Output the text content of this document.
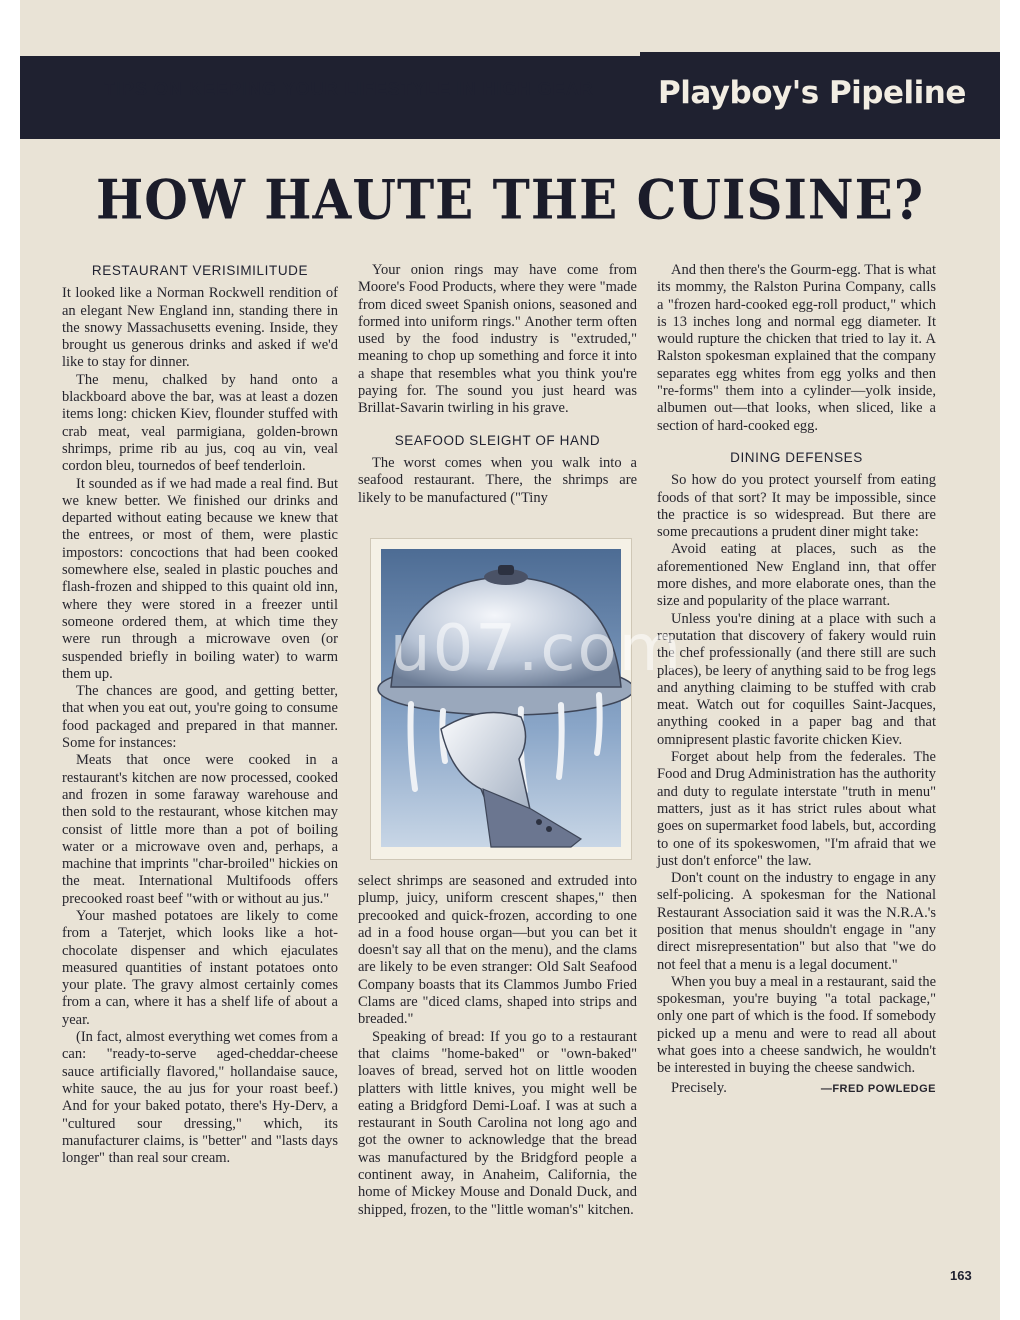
TIPS ON KEEPING YOUR LIFESTYLE IN HIGH GEAR Playboy's Pipeline
HOW HAUTE THE CUISINE?
RESTAURANT VERISIMILITUDE

It looked like a Norman Rockwell rendition of an elegant New England inn, standing there in the snowy Massachusetts evening. Inside, they brought us generous drinks and asked if we'd like to stay for dinner.

The menu, chalked by hand onto a blackboard above the bar, was at least a dozen items long: chicken Kiev, flounder stuffed with crab meat, veal parmigiana, golden-brown shrimps, prime rib au jus, coq au vin, veal cordon bleu, tournedos of beef tenderloin.

It sounded as if we had made a real find. But we knew better. We finished our drinks and departed without eating because we knew that the entrees, or most of them, were plastic impostors: concoctions that had been cooked somewhere else, sealed in plastic pouches and flash-frozen and shipped to this quaint old inn, where they were stored in a freezer until someone ordered them, at which time they were run through a microwave oven (or suspended briefly in boiling water) to warm them up.

The chances are good, and getting better, that when you eat out, you're going to consume food packaged and prepared in that manner. Some for instances:

Meats that once were cooked in a restaurant's kitchen are now processed, cooked and frozen in some faraway warehouse and then sold to the restaurant, whose kitchen may consist of little more than a pot of boiling water or a microwave oven and, perhaps, a machine that imprints "char-broiled" hickies on the meat. International Multifoods offers precooked roast beef "with or without au jus."

Your mashed potatoes are likely to come from a Taterjet, which looks like a hot-chocolate dispenser and which ejaculates measured quantities of instant potatoes onto your plate. The gravy almost certainly comes from a can, where it has a shelf life of about a year.

(In fact, almost everything wet comes from a can: "ready-to-serve aged-cheddar-cheese sauce artificially flavored," hollandaise sauce, white sauce, the au jus for your roast beef.) And for your baked potato, there's Hy-Derv, a "cultured sour dressing," which, its manufacturer claims, is "better" and "lasts days longer" than real sour cream.

Your onion rings may have come from Moore's Food Products, where they were "made from diced sweet Spanish onions, seasoned and formed into uniform rings." Another term often used by the food industry is "extruded," meaning to chop up something and force it into a shape that resembles what you think you're paying for. The sound you just heard was Brillat-Savarin twirling in his grave.

SEAFOOD SLEIGHT OF HAND

The worst comes when you walk into a seafood restaurant. There, the shrimps are likely to be manufactured ("Tiny

select shrimps are seasoned and extruded into plump, juicy, uniform crescent shapes," then precooked and quick-frozen, according to one ad in a food house organ—but you can bet it doesn't say all that on the menu), and the clams are likely to be even stranger: Old Salt Seafood Company boasts that its Clammos Jumbo Fried Clams are "diced clams, shaped into strips and breaded."

Speaking of bread: If you go to a restaurant that claims "home-baked" or "own-baked" loaves of bread, served hot on little wooden platters with little knives, you might well be eating a Bridgford Demi-Loaf. I was at such a restaurant in South Carolina not long ago and got the owner to acknowledge that the bread was manufactured by the Bridgford people a continent away, in Anaheim, California, the home of Mickey Mouse and Donald Duck, and shipped, frozen, to the "little woman's" kitchen.

And then there's the Gourm-egg. That is what its mommy, the Ralston Purina Company, calls a "frozen hard-cooked egg-roll product," which is 13 inches long and normal egg diameter. It would rupture the chicken that tried to lay it. A Ralston spokesman explained that the company separates egg whites from egg yolks and then "re-forms" them into a cylinder—yolk inside, albumen out—that looks, when sliced, like a section of hard-cooked egg.

DINING DEFENSES

So how do you protect yourself from eating foods of that sort? It may be impossible, since the practice is so widespread. But there are some precautions a prudent diner might take:

Avoid eating at places, such as the aforementioned New England inn, that offer more dishes, and more elaborate ones, than the size and popularity of the place warrant.

Unless you're dining at a place with such a reputation that discovery of fakery would ruin the chef professionally (and there still are such places), be leery of anything said to be frog legs and anything claiming to be stuffed with crab meat. Watch out for coquilles Saint-Jacques, anything cooked in a paper bag and that omnipresent plastic favorite chicken Kiev.

Forget about help from the federales. The Food and Drug Administration has the authority and duty to regulate interstate "truth in menu" matters, just as it has strict rules about what goes on supermarket food labels, but, according to one of its spokeswomen, "I'm afraid that we just don't enforce" the law.

Don't count on the industry to engage in any self-policing. A spokesman for the National Restaurant Association said it was the N.R.A.'s position that menus shouldn't engage in "any direct misrepresentation" but also that "we do not feel that a menu is a legal document."

When you buy a meal in a restaurant, said the spokesman, you're buying "a total package," only one part of which is the food. If somebody picked up a menu and were to read all about what goes into a cheese sandwich, he wouldn't be interested in buying the cheese sandwich.

Precisely.	—FRED POWLEDGE
163
u07.com
